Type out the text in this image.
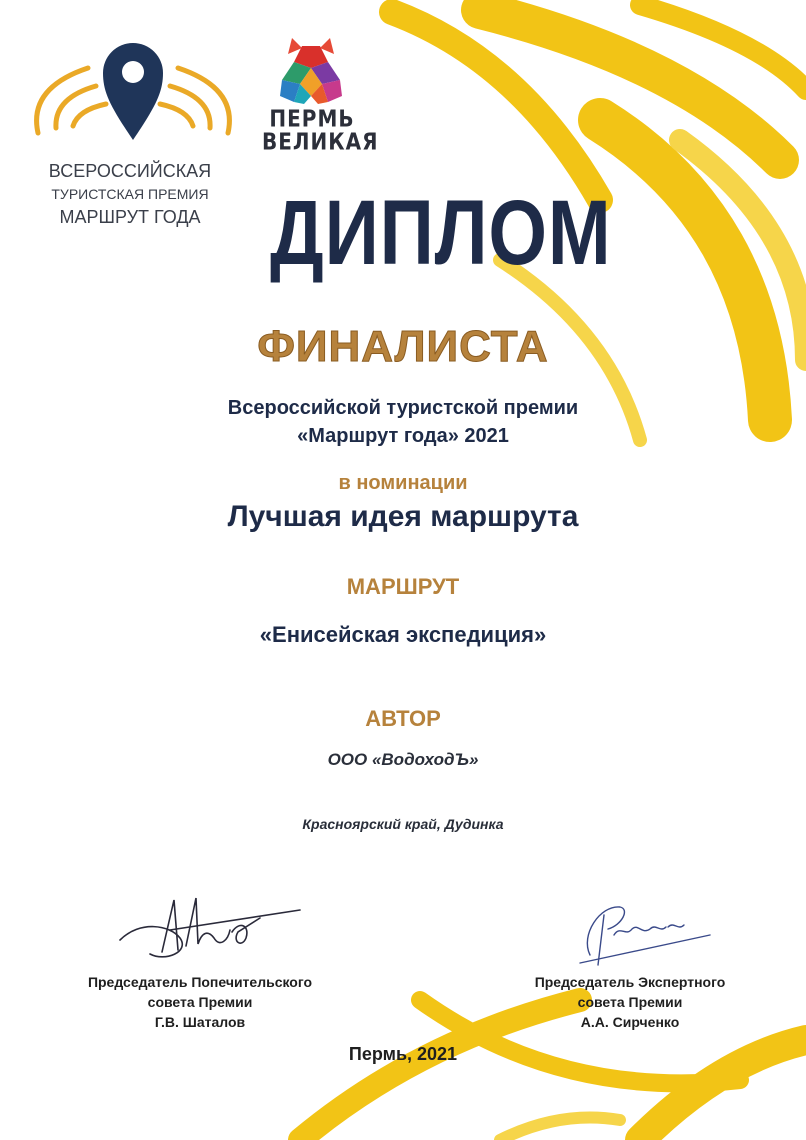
ВСЕРОССИЙСКАЯ
ТУРИСТСКАЯ ПРЕМИЯ
МАРШРУТ ГОДА
ПЕРМЬ
ВЕЛИКАЯ
ДИПЛОМ
ФИНАЛИСТА
Всероссийской туристской премии
«Маршрут года» 2021
в номинации
Лучшая идея маршрута
МАРШРУТ
«Енисейская экспедиция»
АВТОР
ООО «ВодоходЪ»
Красноярский край, Дудинка
Председатель Попечительского
совета Премии
Г.В. Шаталов
Председатель Экспертного
совета Премии
А.А. Сирченко
Пермь, 2021
